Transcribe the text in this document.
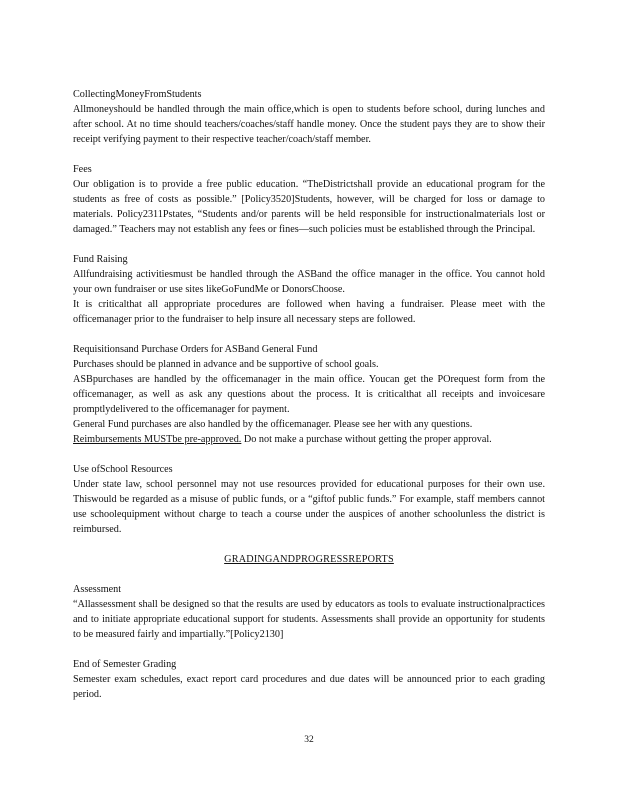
CollectingMoneyFromStudents

Allmoneyshould be handled through the main office,which is open to students before school, during lunches and after school. At no time should teachers/coaches/staff handle money. Once the student pays they are to show their receipt verifying payment to their respective teacher/coach/staff member.

Fees

Our obligation is to provide a free public education. “TheDistrictshall provide an educational program for the students as free of costs as possible.” [Policy3520]Students, however, will be charged for loss or damage to materials. Policy2311Pstates, “Students and/or parents will be held responsible for instructionalmaterials lost or damaged.” Teachers may not establish any fees or fines—such policies must be established through the Principal.

Fund Raising

Allfundraising activitiesmust be handled through the ASBand the office manager in the office. You cannot hold your own fundraiser or use sites likeGoFundMe or DonorsChoose.

It is criticalthat all appropriate procedures are followed when having a fundraiser. Please meet with the officemanager prior to the fundraiser to help insure all necessary steps are followed.

Requisitionsand Purchase Orders for ASBand General Fund

Purchases should be planned in advance and be supportive of school goals.

ASBpurchases are handled by the officemanager in the main office. Youcan get the POrequest form from the officemanager, as well as ask any questions about the process. It is criticalthat all receipts and invoicesare promptlydelivered to the officemanager for payment.

General Fund purchases are also handled by the officemanager. Please see her with any questions.

Reimbursements MUSTbe pre-approved. Do not make a purchase without getting the proper approval.

Use ofSchool Resources

Under state law, school personnel may not use resources provided for educational purposes for their own use. Thiswould be regarded as a misuse of public funds, or a “giftof public funds.” For example, staff members cannot use schoolequipment without charge to teach a course under the auspices of another schoolunless the district is reimbursed.

GRADINGANDPROGRESSREPORTS
Assessment

“Allassessment shall be designed so that the results are used by educators as tools to evaluate instructionalpractices and to initiate appropriate educational support for students. Assessments shall provide an opportunity for students to be measured fairly and impartially.”[Policy2130]

End of Semester Grading

Semester exam schedules, exact report card procedures and due dates will be announced prior to each grading period.

32
